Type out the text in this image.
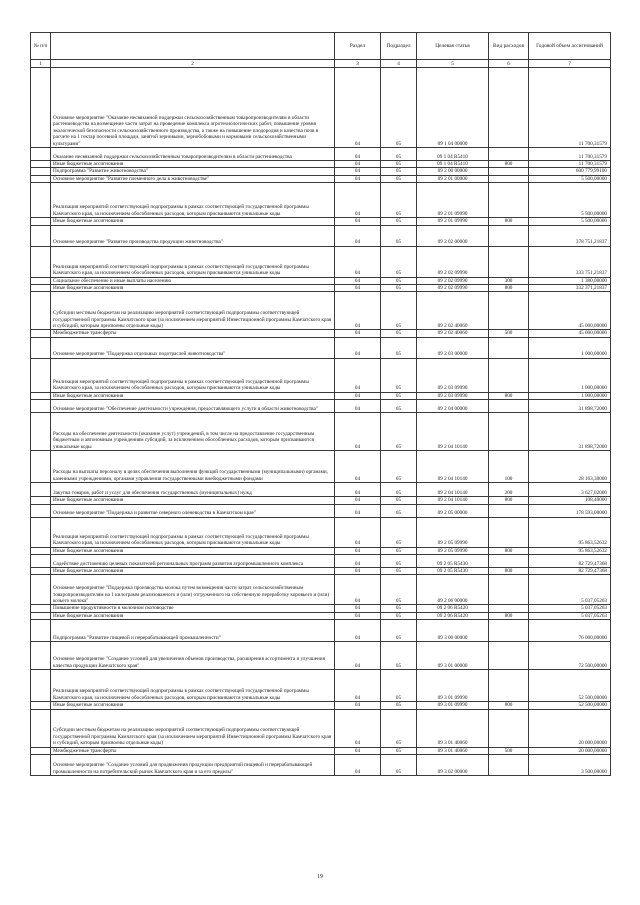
№ п/п		Раздел	Подраздел	Целевая статья	Вид расходов	Годовой объем ассигнований
1	2	3	4	5	6	7
	Основное мероприятие "Оказание несвязанной поддержки сельскохозяйственным товаропроизводителям в области растениеводства на возмещение части затрат на проведение комплекса агротехнологических работ, повышение уровня экологической безопасности сельскохозяйственного производства, а также на повышение плодородия и качества почв в расчете на 1 гектар посевной площади, занятой зерновыми, зернобобовыми и кормовыми сельскохозяйственными культурами"	04	05	09 1 04 00000		11 700,31579
	Оказание несвязанной поддержки сельскохозяйственным товаропроизводителям в области растениеводства	04	05	09 1 04 R5410		11 700,31579
	Иные бюджетные ассигнования	04	05	09 1 04 R5410	800	11 700,31579
	Подпрограмма "Развитие животноводства"	04	05	09 2 00 00000		600 779,99100
	Основное мероприятие "Развитие племенного дела в животноводстве"	04	05	09 2 01 00000		5 500,00000
	Реализация мероприятий соответствующей подпрограммы в рамках соответствующей государственной программы Камчатского края, за исключением обособленных расходов, которым присваиваются уникальные коды	04	05	09 2 01 09990		5 500,00000
	Иные бюджетные ассигнования	04	05	09 2 01 09990	800	5 500,00000
	Основное мероприятие "Развитие производства продукции животноводства"	04	05	09 2 02 00000		378 751,21837
	Реализация мероприятий соответствующей подпрограммы в рамках соответствующей государственной программы Камчатского края, за исключением обособленных расходов, которым присваиваются уникальные коды	04	05	09 2 02 09990		333 751,21837
	Социальное обеспечение и иные выплаты населению	04	05	09 2 02 09990	300	1 380,00000
	Иные бюджетные ассигнования	04	05	09 2 02 09990	800	332 371,21837
	Субсидии местным бюджетам на реализацию мероприятий соответствующей подпрограммы соответствующей государственной программы Камчатского края (за исключением мероприятий Инвестиционной программы Камчатского края и субсидий, которым присвоены отдельные коды)	04	05	09 2 02 40060		45 000,00000
	Межбюджетные трансферты	04	05	09 2 02 40060	500	45 000,00000
	Основное мероприятие "Поддержка отдельных подотраслей животноводства"	04	05	09 2 03 00000		1 000,00000
	Реализация мероприятий соответствующей подпрограммы в рамках соответствующей государственной программы Камчатского края, за исключением обособленных расходов, которым присваиваются уникальные коды	04	05	09 2 03 09990		1 000,00000
	Иные бюджетные ассигнования	04	05	09 2 03 09990	800	1 000,00000
	Основное мероприятие "Обеспечение деятельности учреждения, предоставляющего услуги в области животноводства"	04	05	09 2 04 00000		31 898,72000
	Расходы на обеспечение деятельности (оказание услуг) учреждений, в том числе на предоставление государственным бюджетным и автономным учреждениям субсидий, за исключением обособленных расходов, которым присваиваются уникальные коды	04	05	09 2 04 10140		31 898,72000
	Расходы на выплаты персоналу в целях обеспечения выполнения функций государственными (муниципальными) органами, казенными учреждениями, органами управления государственными внебюджетными фондами	04	05	09 2 04 10140	100	28 163,30000
	Закупка товаров, работ и услуг для обеспечения государственных (муниципальных) нужд	04	05	09 2 04 10140	200	3 627,02000
	Иные бюджетные ассигнования	04	05	09 2 04 10140	800	108,40000
	Основное мероприятие "Поддержка и развитие северного оленеводства в Камчатском крае"	04	05	09 2 05 00000		178 593,00000
	Реализация мероприятий соответствующей подпрограммы в рамках соответствующей государственной программы Камчатского края, за исключением обособленных расходов, которым присваиваются уникальные коды	04	05	09 2 05 09990		95 863,52632
	Иные бюджетные ассигнования	04	05	09 2 05 09990	800	95 863,52632
	Содействие достижению целевых показателей региональных программ развития агропромышленного комплекса	04	05	09 2 05 R5430		82 729,47368
	Иные бюджетные ассигнования	04	05	09 2 05 R5430	800	82 729,47368
	Основное мероприятие "Поддержка производства молока путем возмещения части затрат сельскохозяйственным товаропроизводителям на 1 килограмм реализованного и (или) отгруженного на собственную переработку коровьего и (или) козьего молока"	04	05	09 2 06 00000		5 037,05263
	Повышение продуктивности в молочном скотоводстве	04	05	09 2 06 R5420		5 037,05263
	Иные бюджетные ассигнования	04	05	09 2 06 R5420	800	5 037,05263
	Подпрограмма "Развитие пищевой и перерабатывающей промышленности"	04	05	09 3 00 00000		76 000,00000
	Основное мероприятие "Создание условий для увеличения объемов производства, расширения ассортимента и улучшения качества продукции Камчатского края"	04	05	09 3 01 00000		72 500,00000
	Реализация мероприятий соответствующей подпрограммы в рамках соответствующей государственной программы Камчатского края, за исключением обособленных расходов, которым присваиваются уникальные коды	04	05	09 3 01 09990		52 500,00000
	Иные бюджетные ассигнования	04	05	09 3 01 09990	800	52 500,00000
	Субсидии местным бюджетам на реализацию мероприятий соответствующей подпрограммы соответствующей государственной программы Камчатского края (за исключением мероприятий Инвестиционной программы Камчатского края и субсидий, которым присвоены отдельные коды)	04	05	09 3 01 40060		20 000,00000
	Межбюджетные трансферты	04	05	09 3 01 40060	500	20 000,00000
	Основное мероприятие "Создание условий для продвижения продукции предприятий пищевой и перерабатывающей промышленности на потребительский рынок Камчатского края и за его пределы"	04	05	09 3 02 00000		3 500,00000
19
